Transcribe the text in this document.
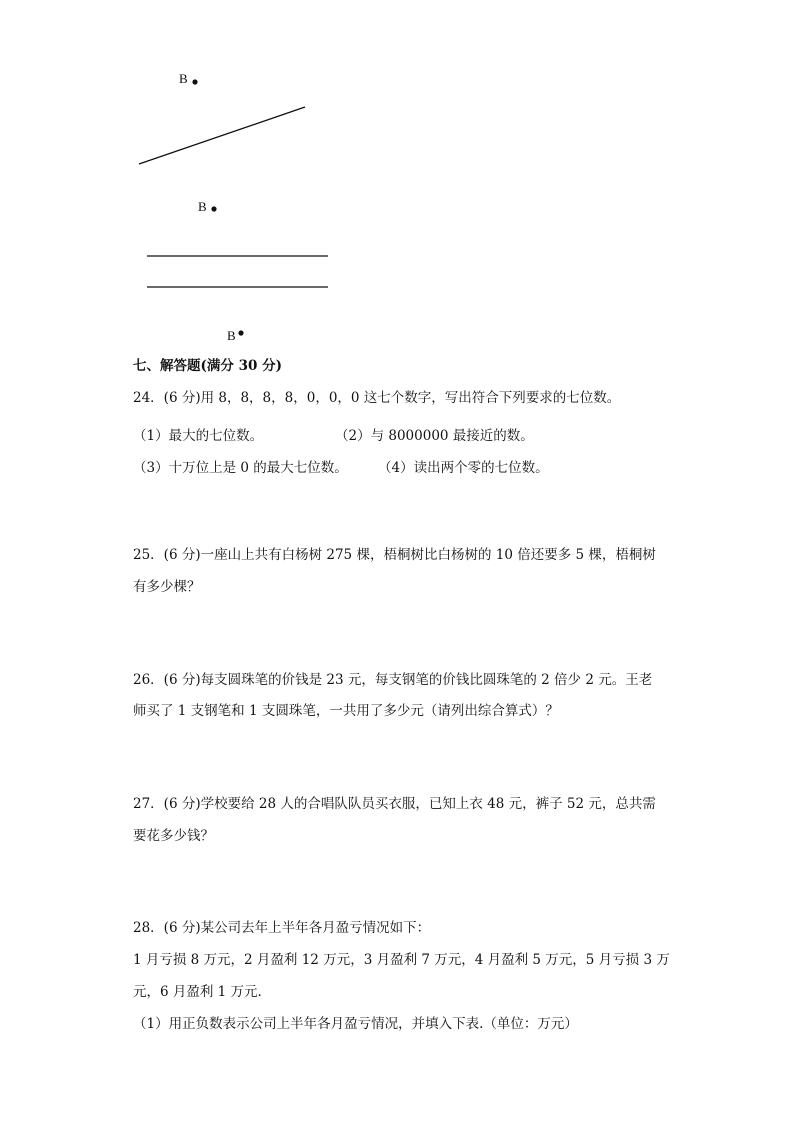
B
B
B
七、解答题(满分 30 分)
24．(6 分)用 8，8，8，8，0，0，0 这七个数字，写出符合下列要求的七位数。
（1）最大的七位数。	（2）与 8000000 最接近的数。
（3）十万位上是 0 的最大七位数。 （4）读出两个零的七位数。
25．(6 分)一座山上共有白杨树 275 棵，梧桐树比白杨树的 10 倍还要多 5 棵，梧桐树
有多少棵？
26．(6 分)每支圆珠笔的价钱是 23 元，每支钢笔的价钱比圆珠笔的 2 倍少 2 元。王老
师买了 1 支钢笔和 1 支圆珠笔，一共用了多少元（请列出综合算式）？
27．(6 分)学校要给 28 人的合唱队队员买衣服，已知上衣 48 元，裤子 52 元，总共需
要花多少钱？
28．(6 分)某公司去年上半年各月盈亏情况如下：
1 月亏损 8 万元，2 月盈利 12 万元，3 月盈利 7 万元，4 月盈利 5 万元，5 月亏损 3 万
元，6 月盈利 1 万元.
（1）用正负数表示公司上半年各月盈亏情况，并填入下表.（单位：万元）
